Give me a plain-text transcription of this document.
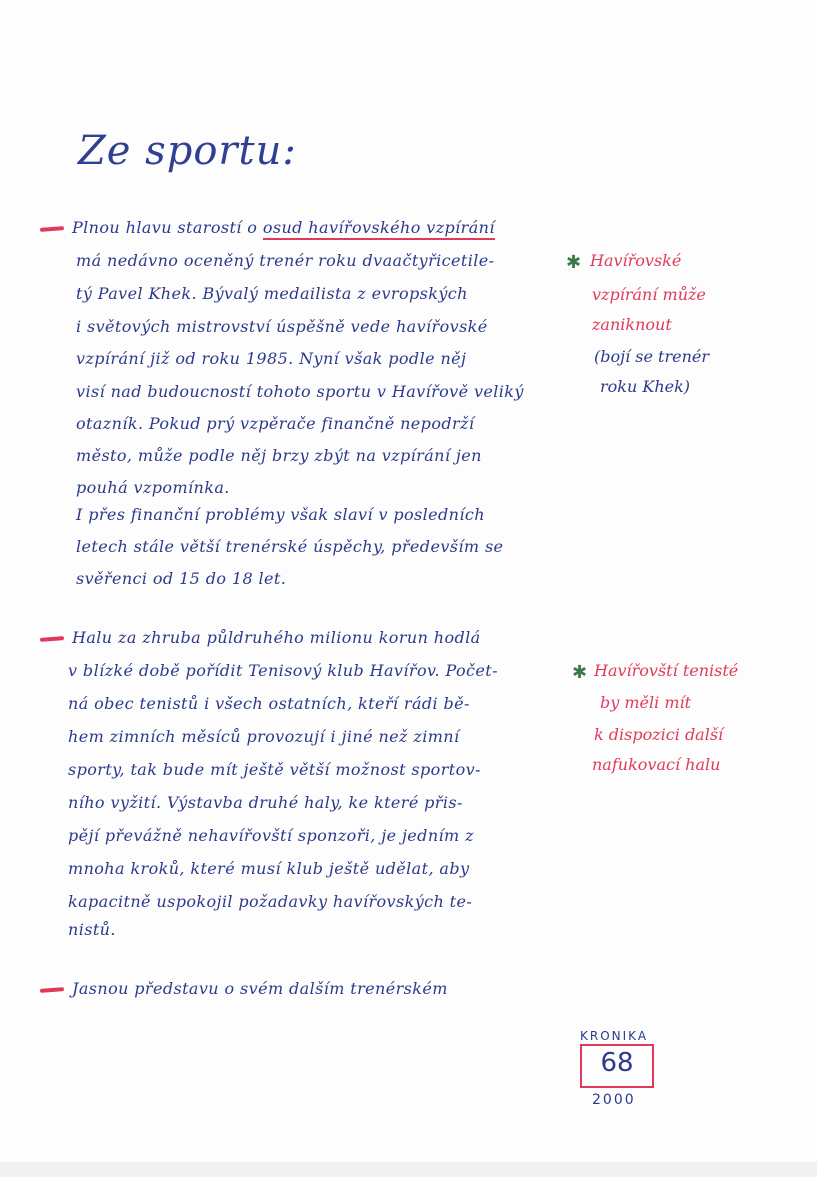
Ze sportu:
Plnou hlavu starostí o osud havířovského vzpírání
má nedávno oceněný trenér roku dvaačtyřicetile-
tý Pavel Khek. Bývalý medailista z evropských
i světových mistrovství úspěšně vede havířovské
vzpírání již od roku 1985. Nyní však podle něj
visí nad budoucností tohoto sportu v Havířově veliký
otazník. Pokud prý vzpěrače finančně nepodrží
město, může podle něj brzy zbýt na vzpírání jen
pouhá vzpomínka.
I přes finanční problémy však slaví v posledních
letech stále větší trenérské úspěchy, především se
svěřenci od 15 do 18 let.
✱ Havířovské
vzpírání může
zaniknout
(bojí se trenér
roku Khek)
Halu za zhruba půldruhého milionu korun hodlá
v blízké době pořídit Tenisový klub Havířov. Počet-
ná obec tenistů i všech ostatních, kteří rádi bě-
hem zimních měsíců provozují i jiné než zimní
sporty, tak bude mít ještě větší možnost sportov-
ního vyžití. Výstavba druhé haly, ke které přis-
pějí převážně nehavířovští sponzoři, je jedním z
mnoha kroků, které musí klub ještě udělat, aby
kapacitně uspokojil požadavky havířovských te-
nistů.
✱ Havířovští tenisté
by měli mít
k dispozici další
nafukovací halu
Jasnou představu o svém dalším trenérském
KRONIKA
68
2000
